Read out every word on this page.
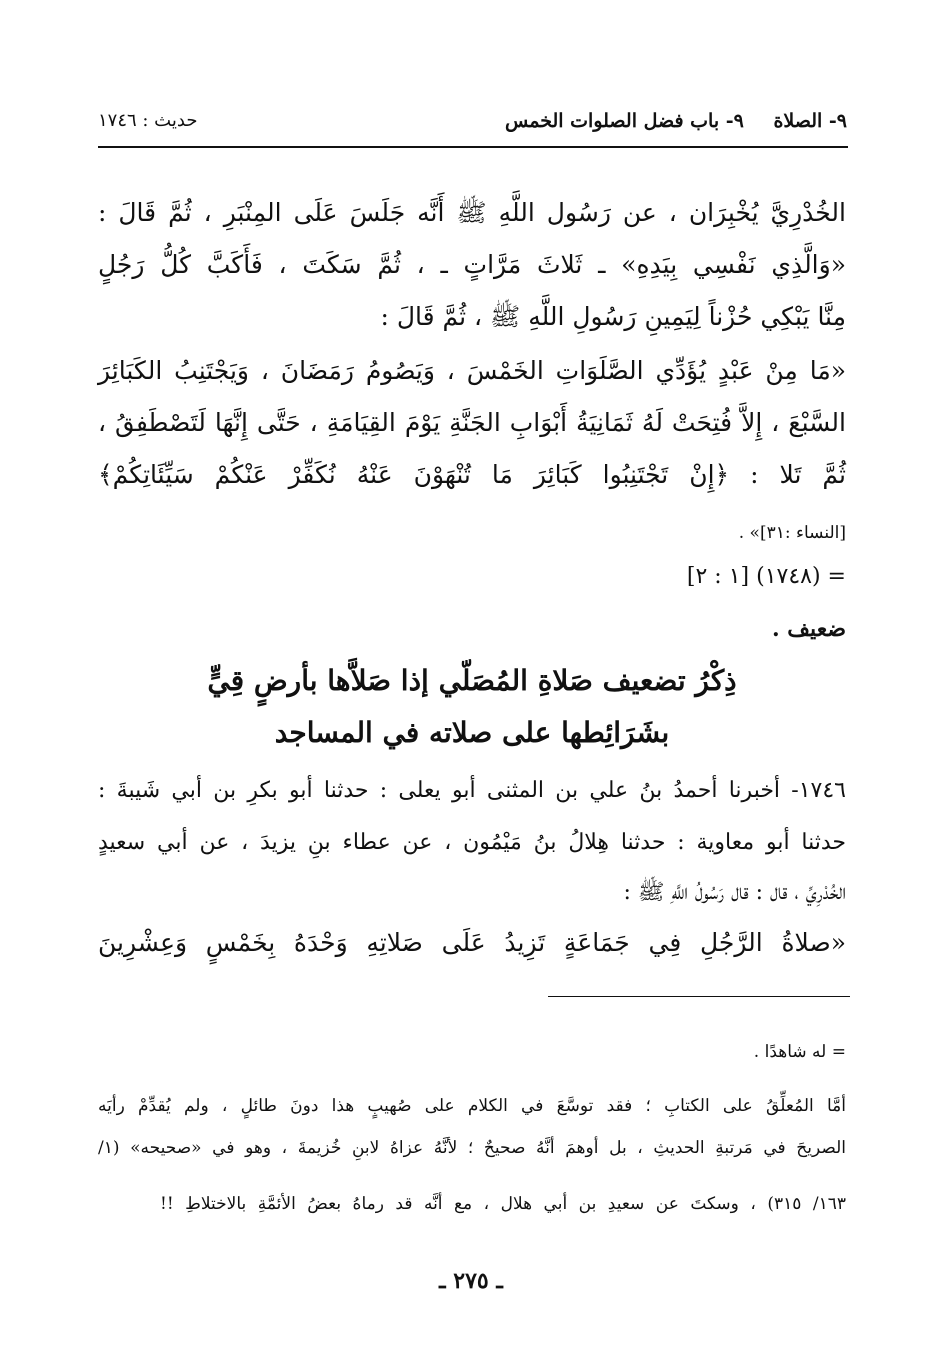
٩- الصلاة
٩- باب فضل الصلوات الخمس
حديث : ١٧٤٦
الخُدْرِيَّ يُخْبِرَان ، عن رَسُول اللَّهِ ﷺ أَنَّه جَلَسَ عَلَى المِنْبَرِ ، ثُمَّ قَالَ :
«وَالَّذِي نَفْسِي بِيَدِهِ» ـ ثَلاثَ مَرَّاتٍ ـ ، ثُمَّ سَكَتَ ، فَأَكَبَّ كُلُّ رَجُلٍ
مِنَّا يَبْكِي حُزْناً لِيَمِينِ رَسُولِ اللَّهِ ﷺ ، ثُمَّ قَالَ :
«مَا مِنْ عَبْدٍ يُؤَدِّي الصَّلَوَاتِ الخَمْسَ ، وَيَصُومُ رَمَضَانَ ، وَيَجْتَنِبُ الكَبَائِرَ
السَّبْعَ ، إِلاَّ فُتِحَتْ لَهُ ثَمَانِيَةُ أَبْوَابِ الجَنَّةِ يَوْمَ القِيَامَةِ ، حَتَّى إِنَّهَا لَتَصْطَفِقُ ،
ثُمَّ تَلا : ﴿إِنْ تَجْتَنِبُوا كَبَائِرَ مَا تُنْهَوْنَ عَنْهُ نُكَفِّرْ عَنْكُمْ سَيِّئَاتِكُمْ﴾
[النساء :٣١]» .
= (١٧٤٨) [١ : ٢]
ضعيف .
ذِكْرُ تضعيف صَلاةِ المُصَلّي إذا صَلاَّها بأرضٍ قِيٍّ
بشَرَائِطها على صلاته في المساجد
١٧٤٦- أخبرنا أحمدُ بنُ علي بن المثنى أبو يعلى : حدثنا أبو بكرِ بن أبي شَيبةَ :
حدثنا أبو معاوية : حدثنا هِلالُ بنُ مَيْمُون ، عن عطاء بنِ يزيدَ ، عن أبي سعيدٍ
الخُدْرِيِّ ، قال : قال رَسُولُ اللَّهِ ﷺ :
«صلاةُ الرَّجُلِ فِي جَمَاعَةٍ تَزِيدُ عَلَى صَلاتِهِ وَحْدَهُ بِخَمْسٍ وَعِشْرِينَ
= له شاهدًا .
أمَّا المُعلِّقُ على الكتابِ ؛ فقد توسَّعَ في الكلام على صُهيبٍ هذا دونَ طائلٍ ، ولم يُقدِّمْ رأيَه
الصريحَ في مَرتبةِ الحديثِ ، بل أوهمَ أنَّهُ صحيحٌ ؛ لأنَّهُ عزاهُ لابنِ خُزيمةَ ، وهو في «صحيحه» (١/
١٦٣/ ٣١٥) ، وسكتَ عن سعيدِ بن أبي هلال ، مع أنَّه قد رماهُ بعضُ الأئمَّةِ بالاختلاطِ !!
ـ ٢٧٥ ـ
